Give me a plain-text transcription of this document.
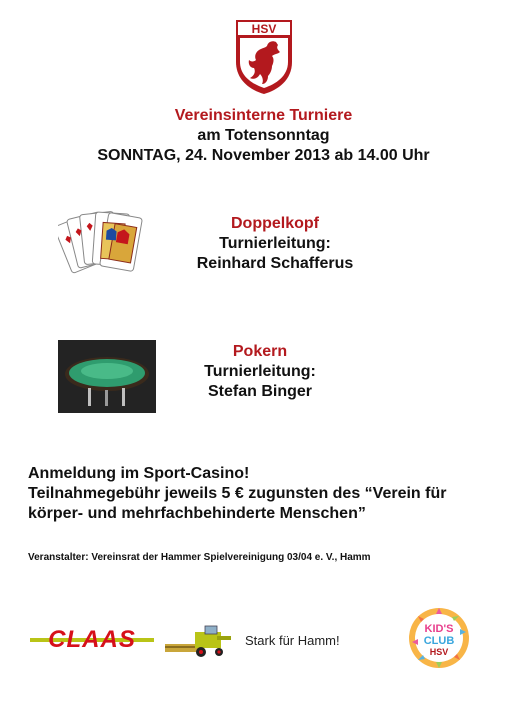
HSV
Vereinsinterne Turniere
am Totensonntag
SONNTAG, 24. November 2013 ab 14.00 Uhr
Doppelkopf
Turnierleitung:
Reinhard Schafferus
Pokern
Turnierleitung:
Stefan Binger
Anmeldung im Sport-Casino!
Teilnahmegebühr jeweils 5 € zugunsten des “Verein für
körper- und mehrfachbehinderte Menschen”
Veranstalter: Vereinsrat der Hammer Spielvereinigung 03/04 e. V., Hamm
CLAAS	Stark für Hamm!
KID'S
CLUB
HSV
